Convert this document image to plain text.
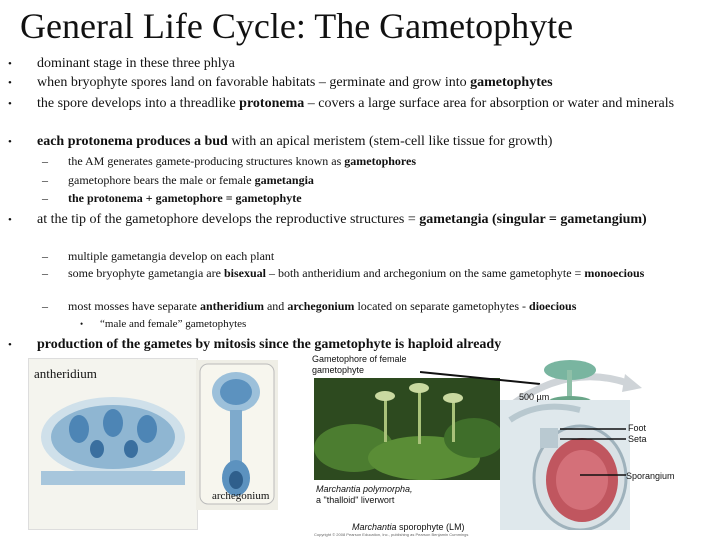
General Life Cycle: The Gametophyte
• dominant stage in these three phlya
• when bryophyte spores land on favorable habitats – germinate and grow into gametophytes
• the spore develops into a threadlike protonema – covers a large surface area for absorption or water and minerals
• each protonema produces a bud with an apical meristem (stem-cell like tissue for growth)
– the AM generates gamete-producing structures known as gametophores
– gametophore bears the male or female gametangia
– the protonema + gametophore = gametophyte
• at the tip of the gametophore develops the reproductive structures = gametangia (singular = gametangium)
– multiple gametangia develop on each plant
– some bryophyte gametangia are bisexual – both antheridium and archegonium on the same gametophyte = monoecious
– most mosses have separate antheridium and archegonium located on separate gametophytes - dioecious
• “male and female” gametophytes
• production of the gametes by mitosis since the gametophyte is haploid already
antheridium
archegonium
Gametophore of female gametophyte
Marchantia polymorpha,
a "thalloid" liverwort
500 µm
Foot
Seta
Sporangium
Marchantia sporophyte (LM)
Copyright © 2008 Pearson Education, Inc., publishing as Pearson Benjamin Cummings
